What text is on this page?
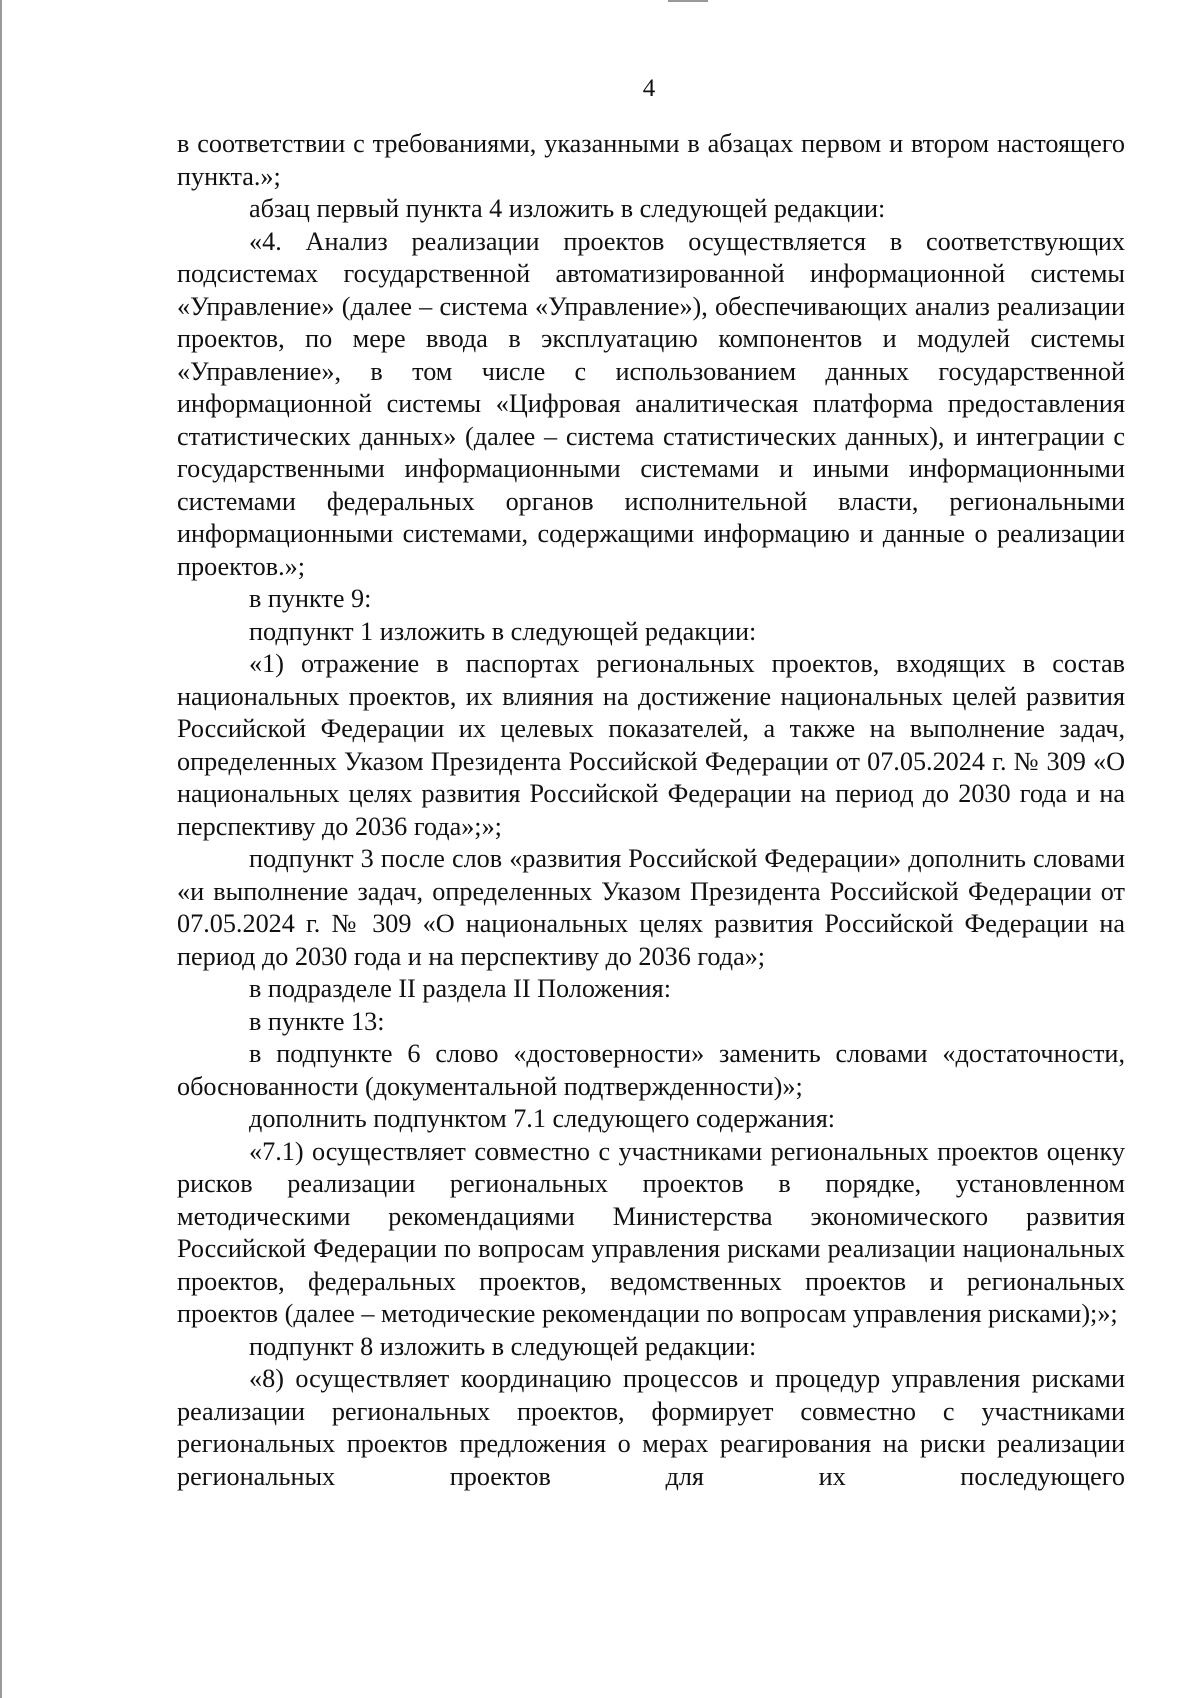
4

в соответствии с требованиями, указанными в абзацах первом и втором настоящего пункта.»;

абзац первый пункта 4 изложить в следующей редакции:

«4. Анализ реализации проектов осуществляется в соответствующих подсистемах государственной автоматизированной информационной системы «Управление» (далее – система «Управление»), обеспечивающих анализ реализации проектов, по мере ввода в эксплуатацию компонентов и модулей системы «Управление», в том числе с использованием данных государственной информационной системы «Цифровая аналитическая платформа предоставления статистических данных» (далее – система статистических данных), и интеграции с государственными информационными системами и иными информационными системами федеральных органов исполнительной власти, региональными информационными системами, содержащими информацию и данные о реализации проектов.»;

в пункте 9:

подпункт 1 изложить в следующей редакции:

«1) отражение в паспортах региональных проектов, входящих в состав национальных проектов, их влияния на достижение национальных целей развития Российской Федерации их целевых показателей, а также на выполнение задач, определенных Указом Президента Российской Федерации от 07.05.2024 г. № 309 «О национальных целях развития Российской Федерации на период до 2030 года и на перспективу до 2036 года»;»;

подпункт 3 после слов «развития Российской Федерации» дополнить словами «и выполнение задач, определенных Указом Президента Российской Федерации от 07.05.2024 г. № 309 «О национальных целях развития Российской Федерации на период до 2030 года и на перспективу до 2036 года»;

в подразделе II раздела II Положения:

в пункте 13:

в подпункте 6 слово «достоверности» заменить словами «достаточности, обоснованности (документальной подтвержденности)»;

дополнить подпунктом 7.1 следующего содержания:

«7.1) осуществляет совместно с участниками региональных проектов оценку рисков реализации региональных проектов в порядке, установленном методическими рекомендациями Министерства экономического развития Российской Федерации по вопросам управления рисками реализации национальных проектов, федеральных проектов, ведомственных проектов и региональных проектов (далее – методические рекомендации по вопросам управления рисками);»;

подпункт 8 изложить в следующей редакции:

«8) осуществляет координацию процессов и процедур управления рисками реализации региональных проектов, формирует совместно с участниками региональных проектов предложения о мерах реагирования на риски реализации региональных проектов для их последующего
